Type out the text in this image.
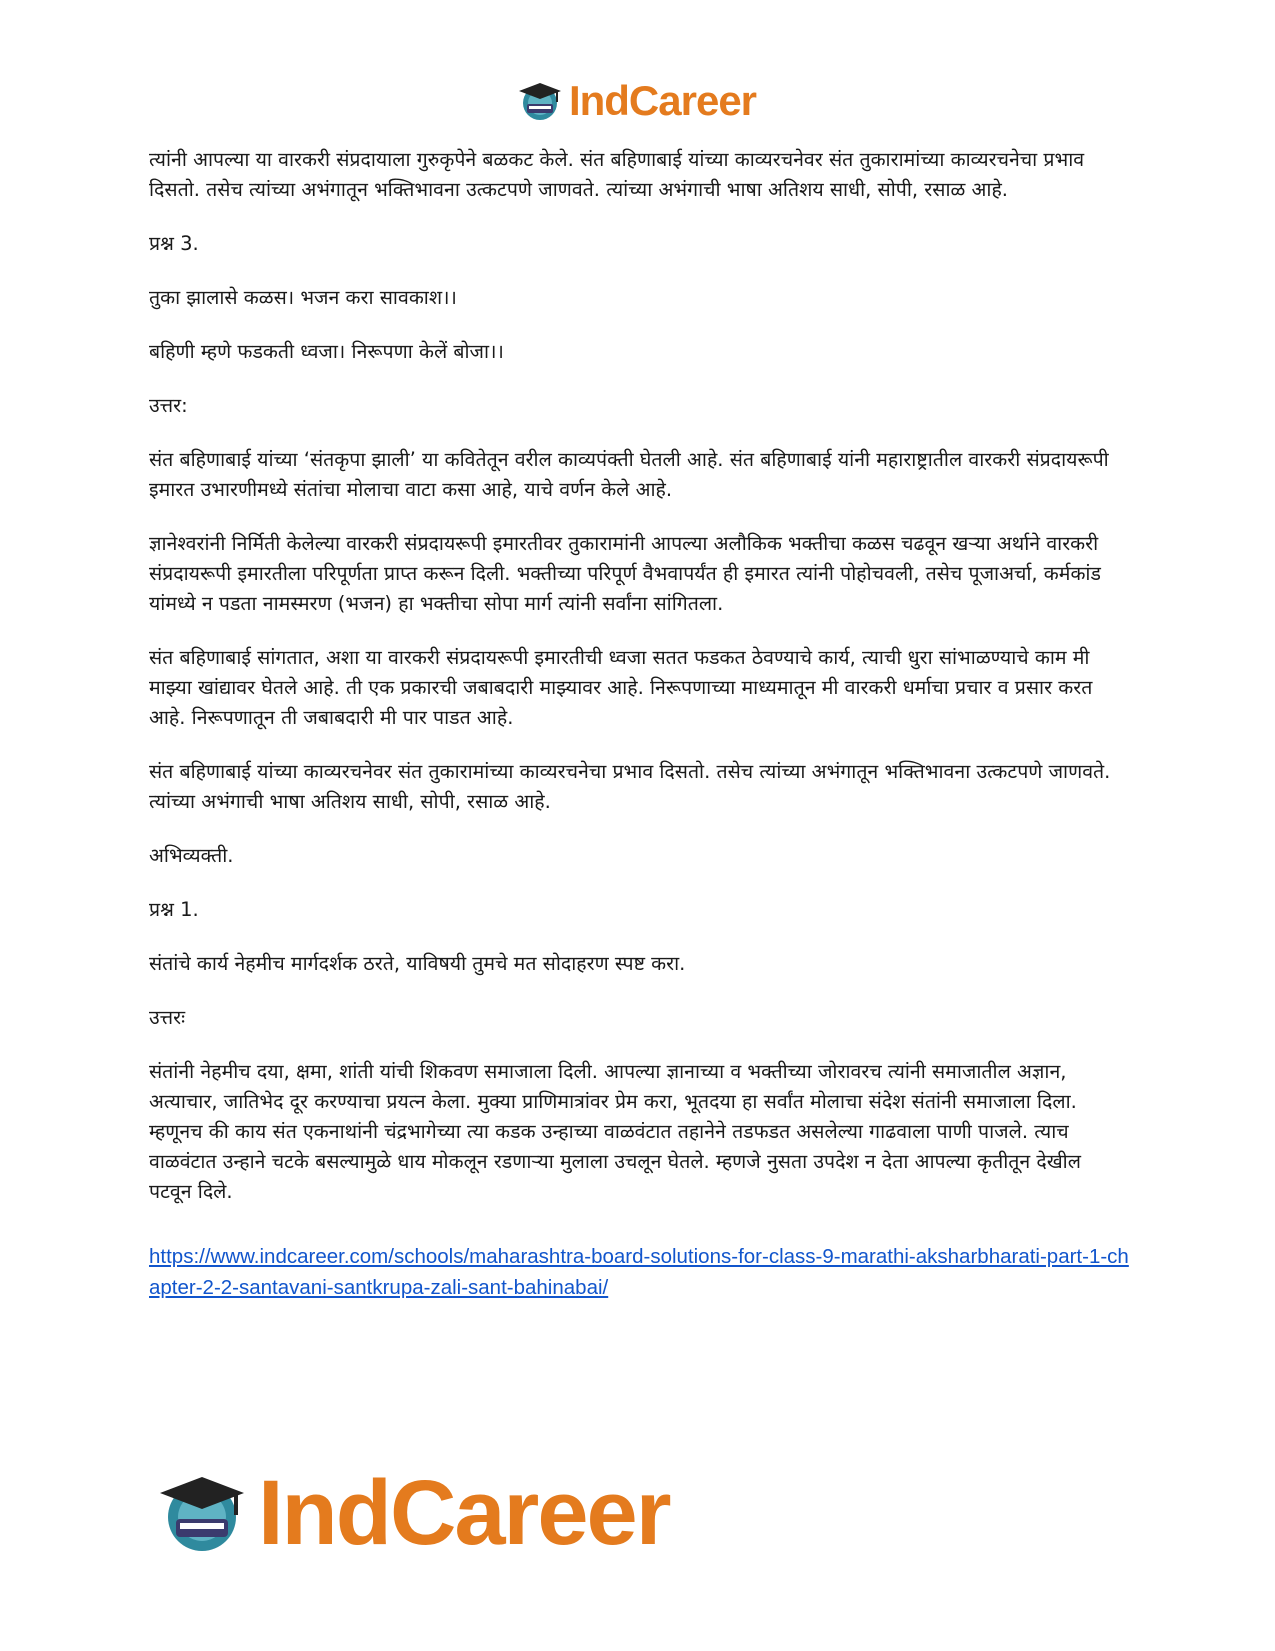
IndCareer

त्यांनी आपल्या या वारकरी संप्रदायाला गुरुकृपेने बळकट केले. संत बहिणाबाई यांच्या काव्यरचनेवर संत तुकारामांच्या काव्यरचनेचा प्रभाव दिसतो. तसेच त्यांच्या अभंगातून भक्तिभावना उत्कटपणे जाणवते. त्यांच्या अभंगाची भाषा अतिशय साधी, सोपी, रसाळ आहे.

प्रश्न 3.

तुका झालासे कळस। भजन करा सावकाश।।

बहिणी म्हणे फडकती ध्वजा। निरूपणा केलें बोजा।।

उत्तर:

संत बहिणाबाई यांच्या ‘संतकृपा झाली’ या कवितेतून वरील काव्यपंक्ती घेतली आहे. संत बहिणाबाई यांनी महाराष्ट्रातील वारकरी संप्रदायरूपी इमारत उभारणीमध्ये संतांचा मोलाचा वाटा कसा आहे, याचे वर्णन केले आहे.

ज्ञानेश्वरांनी निर्मिती केलेल्या वारकरी संप्रदायरूपी इमारतीवर तुकारामांनी आपल्या अलौकिक भक्तीचा कळस चढवून खऱ्या अर्थाने वारकरी संप्रदायरूपी इमारतीला परिपूर्णता प्राप्त करून दिली. भक्तीच्या परिपूर्ण वैभवापर्यंत ही इमारत त्यांनी पोहोचवली, तसेच पूजाअर्चा, कर्मकांड यांमध्ये न पडता नामस्मरण (भजन) हा भक्तीचा सोपा मार्ग त्यांनी सर्वांना सांगितला.

संत बहिणाबाई सांगतात, अशा या वारकरी संप्रदायरूपी इमारतीची ध्वजा सतत फडकत ठेवण्याचे कार्य, त्याची धुरा सांभाळण्याचे काम मी माझ्या खांद्यावर घेतले आहे. ती एक प्रकारची जबाबदारी माझ्यावर आहे. निरूपणाच्या माध्यमातून मी वारकरी धर्माचा प्रचार व प्रसार करत आहे. निरूपणातून ती जबाबदारी मी पार पाडत आहे.

संत बहिणाबाई यांच्या काव्यरचनेवर संत तुकारामांच्या काव्यरचनेचा प्रभाव दिसतो. तसेच त्यांच्या अभंगातून भक्तिभावना उत्कटपणे जाणवते. त्यांच्या अभंगाची भाषा अतिशय साधी, सोपी, रसाळ आहे.

अभिव्यक्ती.

प्रश्न 1.

संतांचे कार्य नेहमीच मार्गदर्शक ठरते, याविषयी तुमचे मत सोदाहरण स्पष्ट करा.

उत्तरः

संतांनी नेहमीच दया, क्षमा, शांती यांची शिकवण समाजाला दिली. आपल्या ज्ञानाच्या व भक्तीच्या जोरावरच त्यांनी समाजातील अज्ञान, अत्याचार, जातिभेद दूर करण्याचा प्रयत्न केला. मुक्या प्राणिमात्रांवर प्रेम करा, भूतदया हा सर्वांत मोलाचा संदेश संतांनी समाजाला दिला. म्हणूनच की काय संत एकनाथांनी चंद्रभागेच्या त्या कडक उन्हाच्या वाळवंटात तहानेने तडफडत असलेल्या गाढवाला पाणी पाजले. त्याच वाळवंटात उन्हाने चटके बसल्यामुळे धाय मोकलून रडणाऱ्या मुलाला उचलून घेतले. म्हणजे नुसता उपदेश न देता आपल्या कृतीतून देखील पटवून दिले.

https://www.indcareer.com/schools/maharashtra-board-solutions-for-class-9-marathi-aksharbharati-part-1-chapter-2-2-santavani-santkrupa-zali-sant-bahinabai/
IndCareer
